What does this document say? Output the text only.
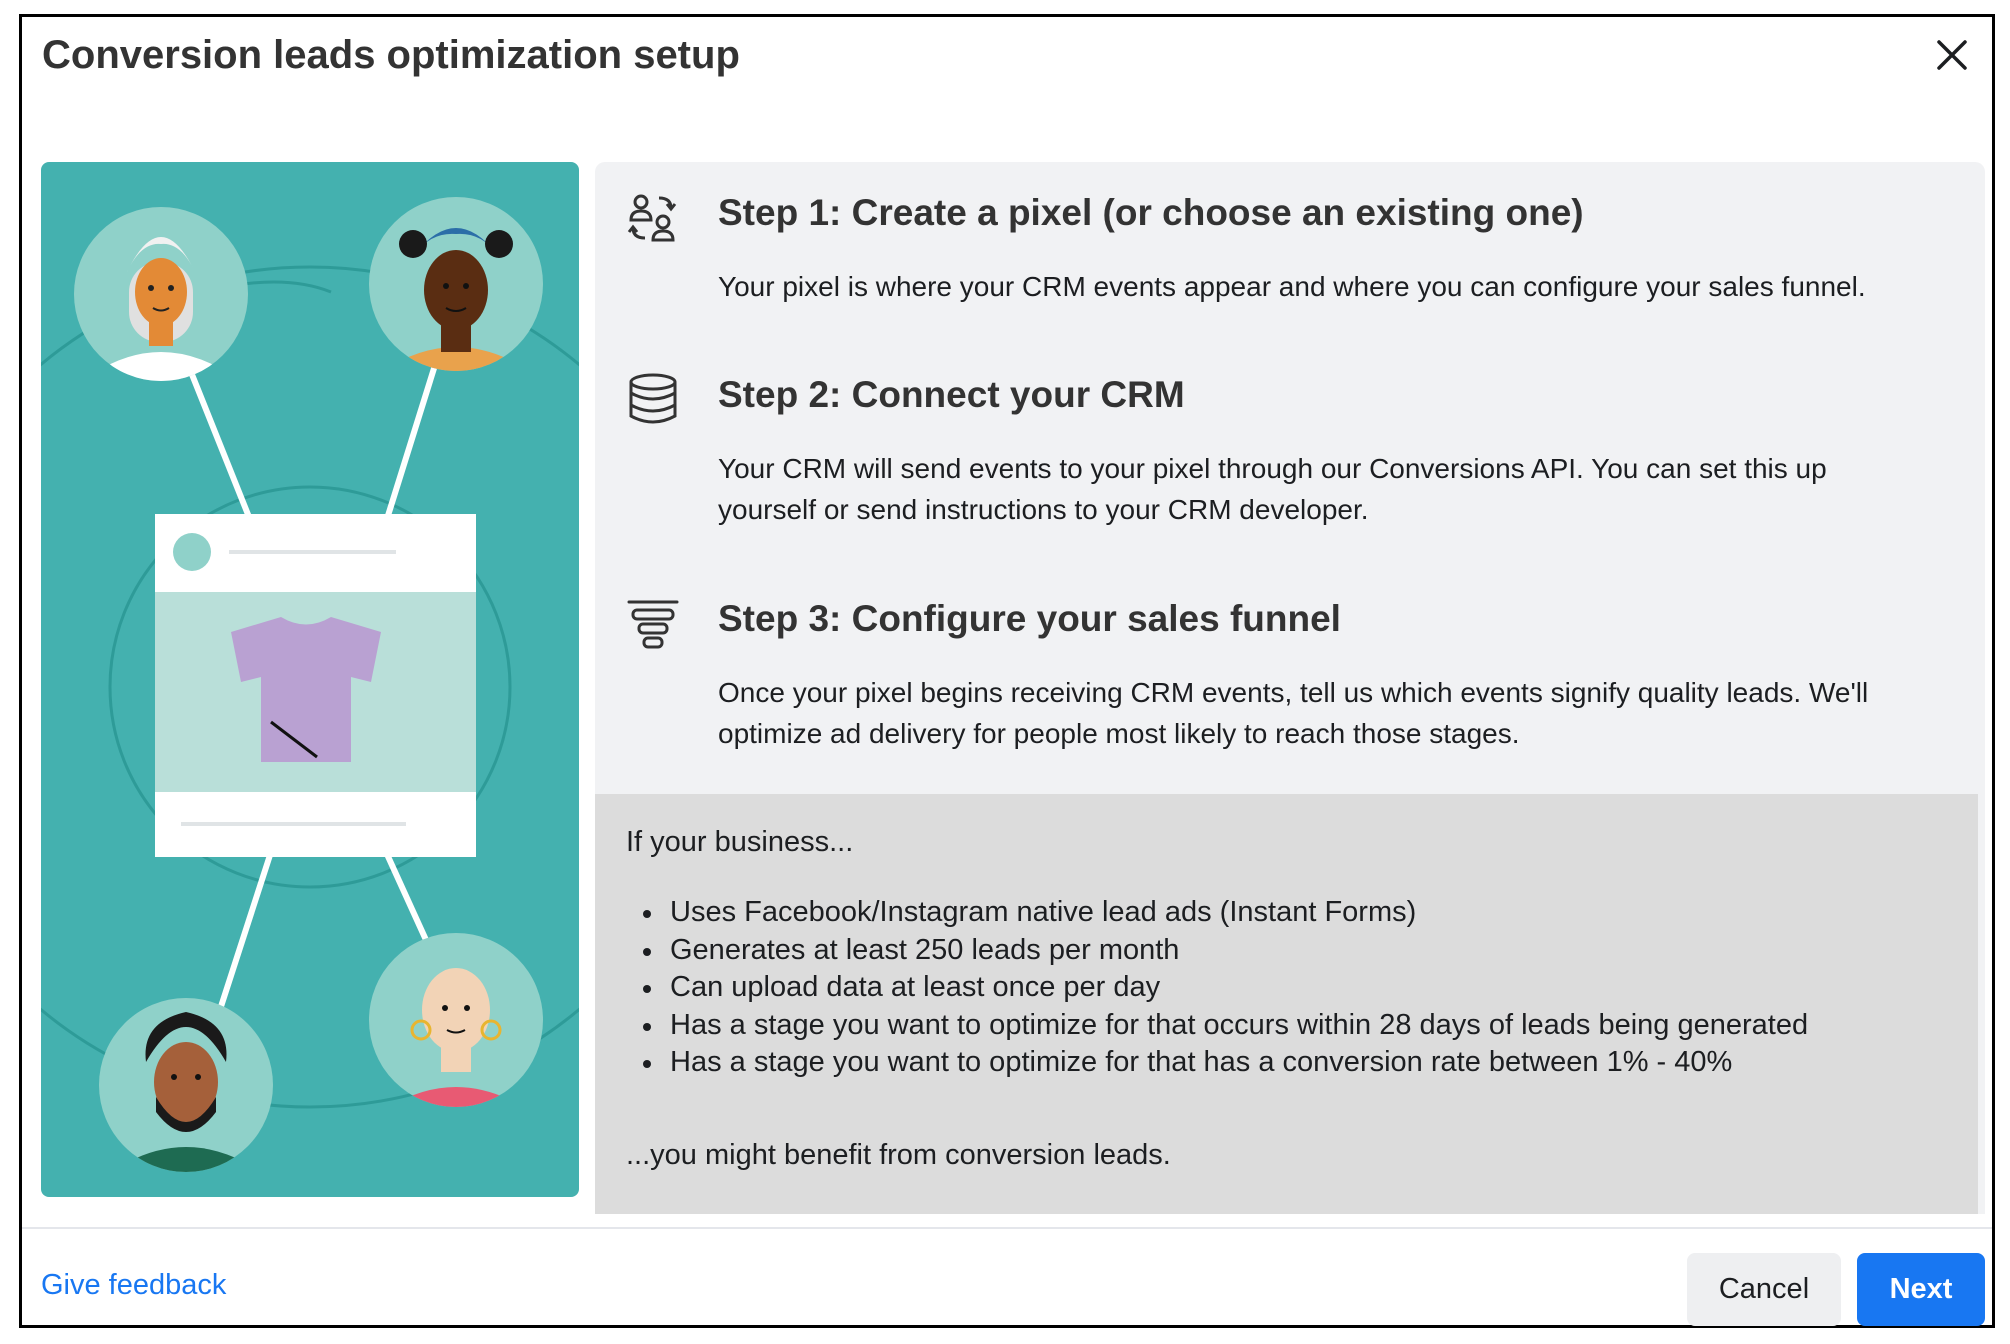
Conversion leads optimization setup
Step 1: Create a pixel (or choose an existing one)
Your pixel is where your CRM events appear and where you can configure your sales funnel.
Step 2: Connect your CRM
Your CRM will send events to your pixel through our Conversions API. You can set this up yourself or send instructions to your CRM developer.
Step 3: Configure your sales funnel
Once your pixel begins receiving CRM events, tell us which events signify quality leads. We'll optimize ad delivery for people most likely to reach those stages.
If your business...
Uses Facebook/Instagram native lead ads (Instant Forms)
Generates at least 250 leads per month
Can upload data at least once per day
Has a stage you want to optimize for that occurs within 28 days of leads being generated
Has a stage you want to optimize for that has a conversion rate between 1% - 40%
...you might benefit from conversion leads.
Give feedback	Cancel	Next
